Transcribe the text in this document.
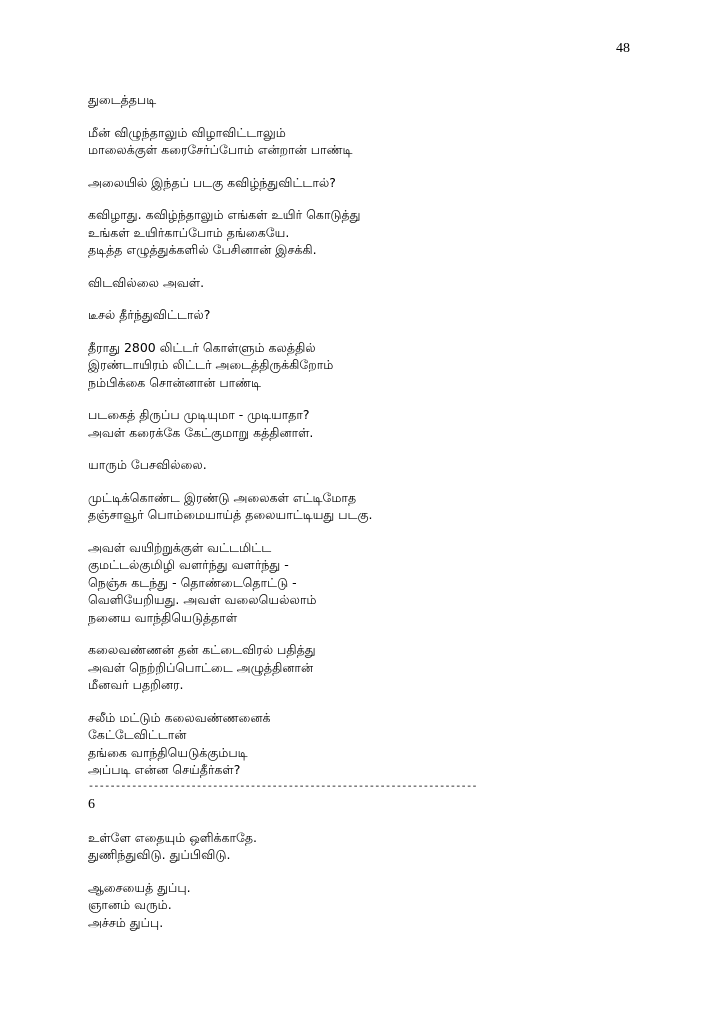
48
துடைத்தபடி
மீன் விழுந்தாலும் விழாவிட்டாலும்
மாலைக்குள் கரைசேர்ப்போம் என்றான் பாண்டி
அலையில் இந்தப் படகு கவிழ்ந்துவிட்டால்?
கவிழாது. கவிழ்ந்தாலும் எங்கள் உயிர் கொடுத்து
உங்கள் உயிர்காப்போம் தங்கையே.
தடித்த எழுத்துக்களில் பேசினான் இசக்கி.
விடவில்லை அவள்.
டீசல் தீர்ந்துவிட்டால்?
தீராது 2800 லிட்டர் கொள்ளும் கலத்தில்
இரண்டாயிரம் லிட்டர் அடைத்திருக்கிறோம்
நம்பிக்கை சொன்னான் பாண்டி
படகைத் திருப்ப முடியுமா - முடியாதா?
அவள் கரைக்கே கேட்குமாறு கத்தினாள்.
யாரும் பேசவில்லை.
முட்டிக்கொண்ட இரண்டு அலைகள் எட்டிமோத
தஞ்சாவூர் பொம்மையாய்த் தலையாட்டியது படகு.
அவள் வயிற்றுக்குள் வட்டமிட்ட
குமட்டல்குமிழி வளர்ந்து வளர்ந்து -
நெஞ்சு கடந்து - தொண்டைதொட்டு -
வெளியேறியது. அவள் வலையெல்லாம்
நனைய வாந்தியெடுத்தாள்
கலைவண்ணன் தன் கட்டைவிரல் பதித்து
அவள் நெற்றிப்பொட்டை அழுத்தினான்
மீனவர் பதறினர.
சலீம் மட்டும் கலைவண்ணனைக்
கேட்டேவிட்டான்
தங்கை வாந்தியெடுக்கும்படி
அப்படி என்ன செய்தீர்கள்?
------------------------------------------------------------------------
6
உள்ளே எதையும் ஒளிக்காதே.
துணிந்துவிடு. துப்பிவிடு.
ஆசையைத் துப்பு.
ஞானம் வரும்.
அச்சம் துப்பு.
